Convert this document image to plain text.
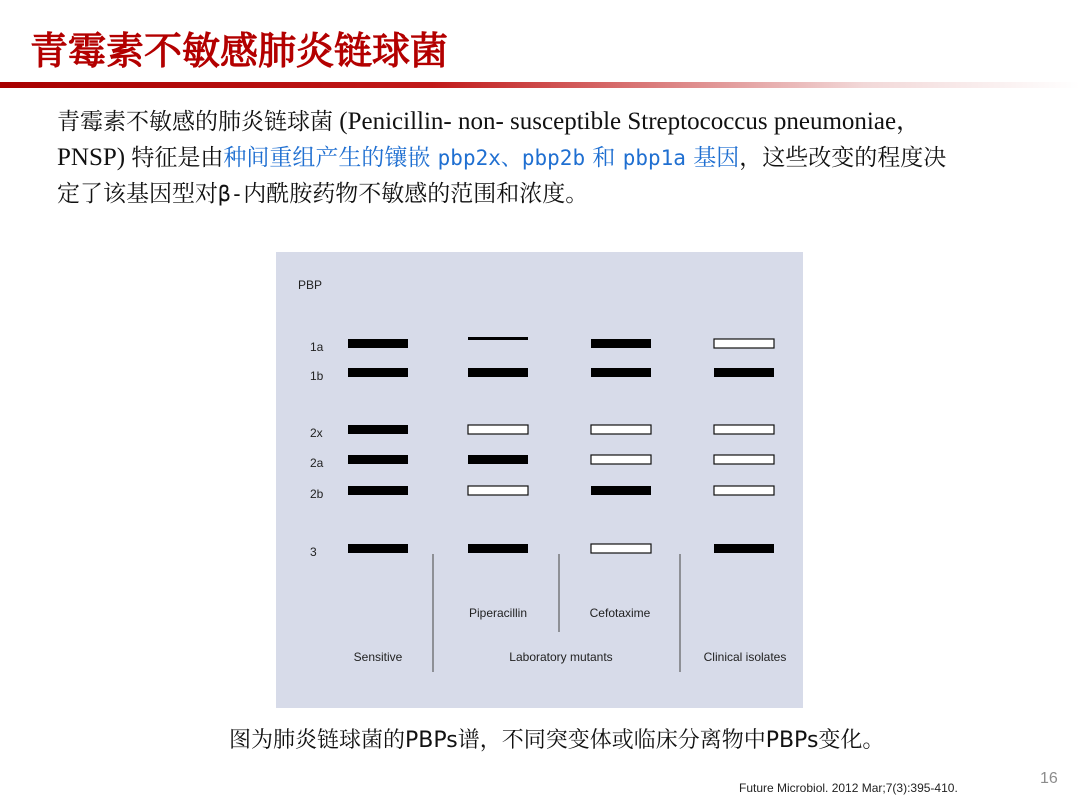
青霉素不敏感肺炎链球菌

青霉素不敏感的肺炎链球菌 (Penicillin- non- susceptible Streptococcus pneumoniae，PNSP) 特征是由种间重组产生的镶嵌 pbp2x、pbp2b 和 pbp1a 基因，这些改变的程度决定了该基因型对β-内酰胺药物不敏感的范围和浓度。

PBP
1a
1b
2x
2a
2b
3
Piperacillin	Cefotaxime
Sensitive	Laboratory mutants	Clinical isolates

图为肺炎链球菌的PBPs谱，不同突变体或临床分离物中PBPs变化。

Future Microbiol. 2012 Mar;7(3):395-410.
16
